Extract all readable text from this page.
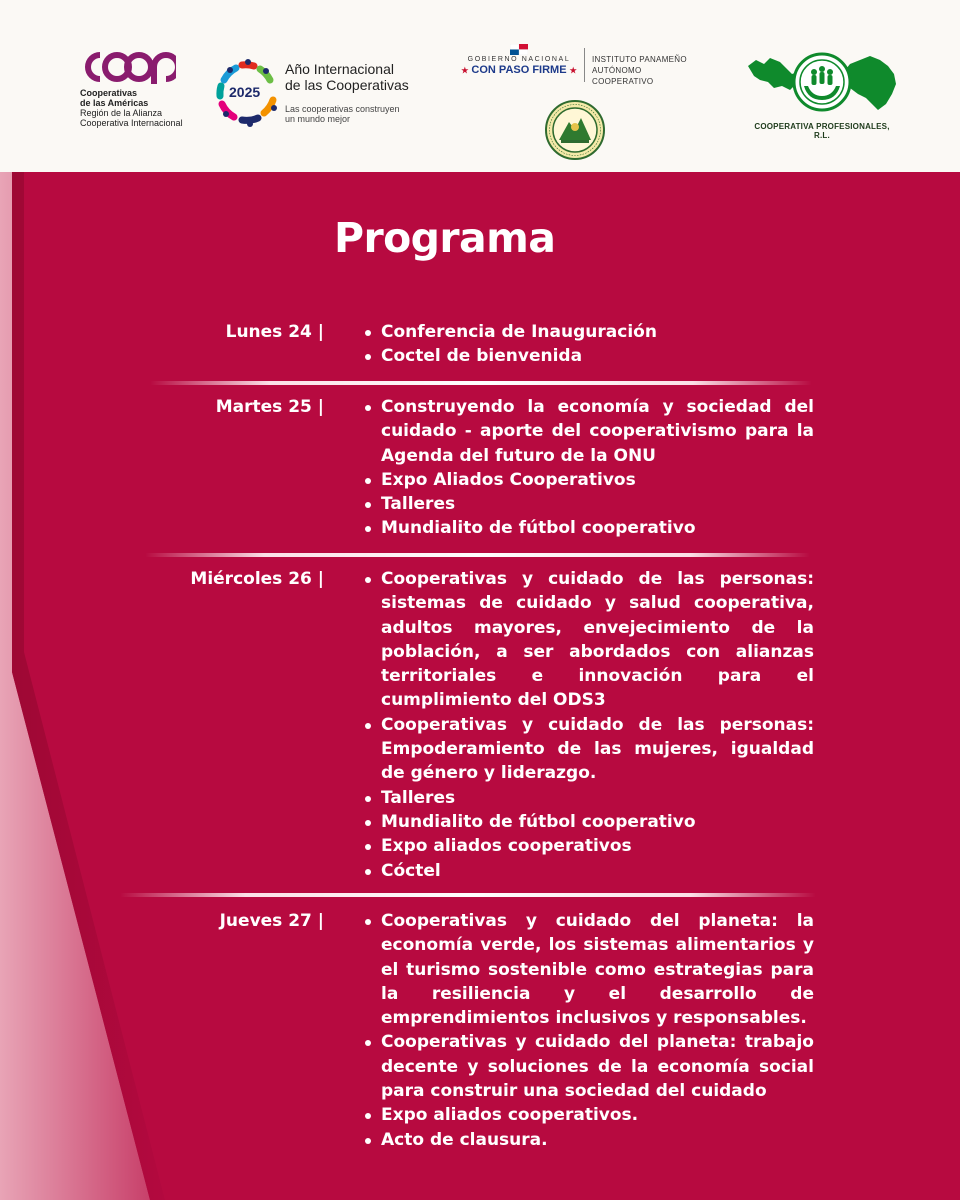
Cooperativas
de las Américas
Región de la Alianza
Cooperativa Internacional
2025
Año Internacional
de las Cooperativas
Las cooperativas construyen
un mundo mejor
GOBIERNO NACIONAL
★ CON PASO FIRME ★
INSTITUTO PANAMEÑO
AUTÓNOMO COOPERATIVO
COOPERATIVA PROFESIONALES, R.L.
Programa
Lunes 24 |	Conferencia de Inauguración
Coctel de bienvenida
Martes 25 |	Construyendo la economía y sociedad del cuidado - aporte del cooperativismo para la Agenda del futuro de la ONU
Expo Aliados Cooperativos
Talleres
Mundialito de fútbol cooperativo
Miércoles 26 |	Cooperativas y cuidado de las personas: sistemas de cuidado y salud cooperativa, adultos mayores, envejecimiento de la población, a ser abordados con alianzas territoriales e innovación para el cumplimiento del ODS3
Cooperativas y cuidado de las personas: Empoderamiento de las mujeres, igualdad de género y liderazgo.
Talleres
Mundialito de fútbol cooperativo
Expo aliados cooperativos
Cóctel
Jueves 27 |	Cooperativas y cuidado del planeta: la economía verde, los sistemas alimentarios y el turismo sostenible como estrategias para la resiliencia y el desarrollo de emprendimientos inclusivos y responsables.
Cooperativas y cuidado del planeta: trabajo decente y soluciones de la economía social para construir una sociedad del cuidado
Expo aliados cooperativos.
Acto de clausura.
